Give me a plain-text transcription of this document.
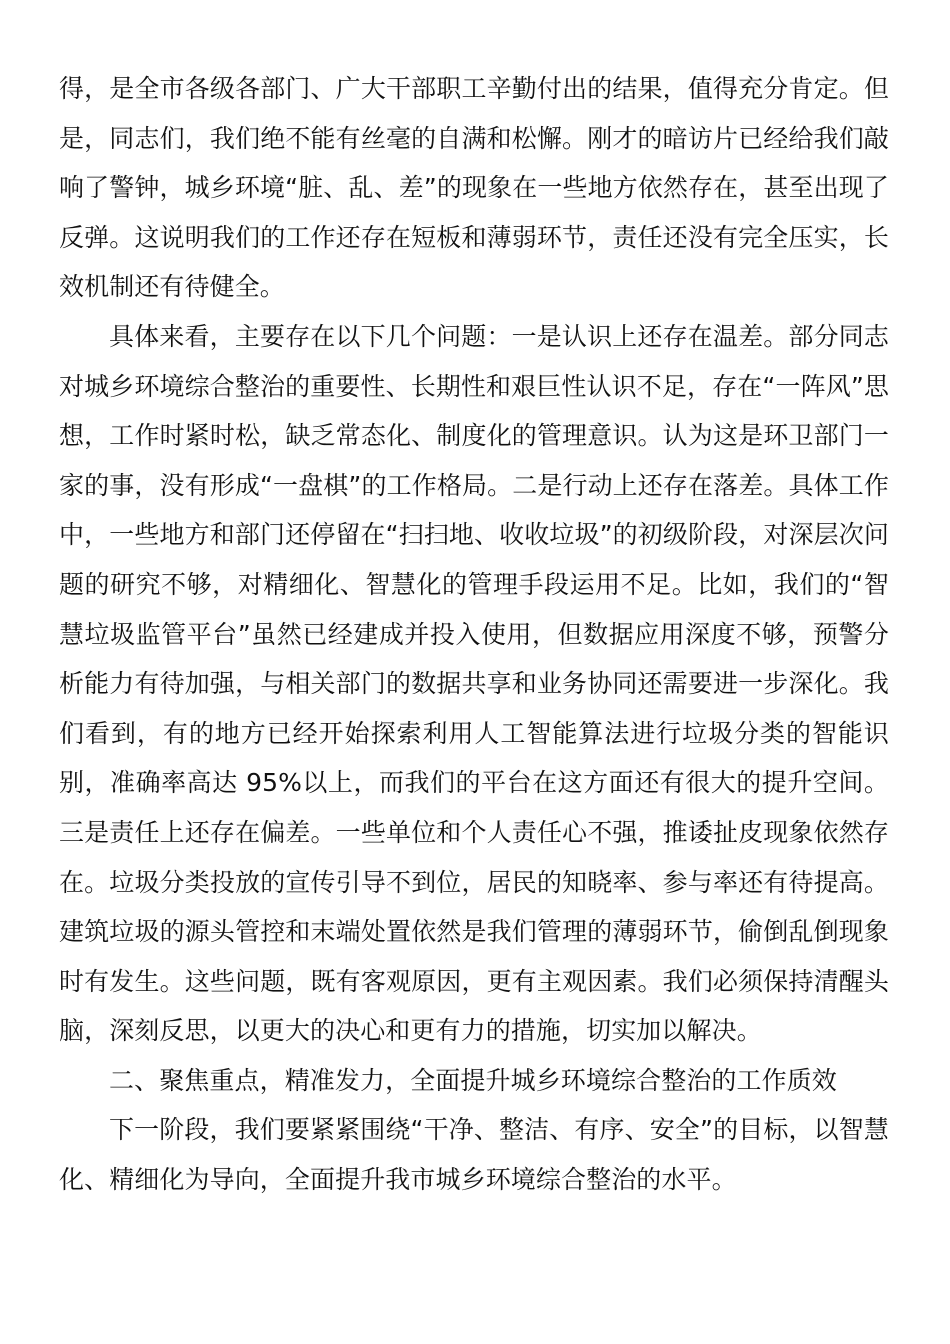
得，是全市各级各部门、广大干部职工辛勤付出的结果，值得充分肯定。但是，同志们，我们绝不能有丝毫的自满和松懈。刚才的暗访片已经给我们敲响了警钟，城乡环境“脏、乱、差”的现象在一些地方依然存在，甚至出现了反弹。这说明我们的工作还存在短板和薄弱环节，责任还没有完全压实，长效机制还有待健全。

具体来看，主要存在以下几个问题：一是认识上还存在温差。部分同志对城乡环境综合整治的重要性、长期性和艰巨性认识不足，存在“一阵风”思想，工作时紧时松，缺乏常态化、制度化的管理意识。认为这是环卫部门一家的事，没有形成“一盘棋”的工作格局。二是行动上还存在落差。具体工作中，一些地方和部门还停留在“扫扫地、收收垃圾”的初级阶段，对深层次问题的研究不够，对精细化、智慧化的管理手段运用不足。比如，我们的“智慧垃圾监管平台”虽然已经建成并投入使用，但数据应用深度不够，预警分析能力有待加强，与相关部门的数据共享和业务协同还需要进一步深化。我们看到，有的地方已经开始探索利用人工智能算法进行垃圾分类的智能识别，准确率高达 95%以上，而我们的平台在这方面还有很大的提升空间。三是责任上还存在偏差。一些单位和个人责任心不强，推诿扯皮现象依然存在。垃圾分类投放的宣传引导不到位，居民的知晓率、参与率还有待提高。建筑垃圾的源头管控和末端处置依然是我们管理的薄弱环节，偷倒乱倒现象时有发生。这些问题，既有客观原因，更有主观因素。我们必须保持清醒头脑，深刻反思，以更大的决心和更有力的措施，切实加以解决。

二、聚焦重点，精准发力，全面提升城乡环境综合整治的工作质效

下一阶段，我们要紧紧围绕“干净、整洁、有序、安全”的目标，以智慧化、精细化为导向，全面提升我市城乡环境综合整治的水平。
